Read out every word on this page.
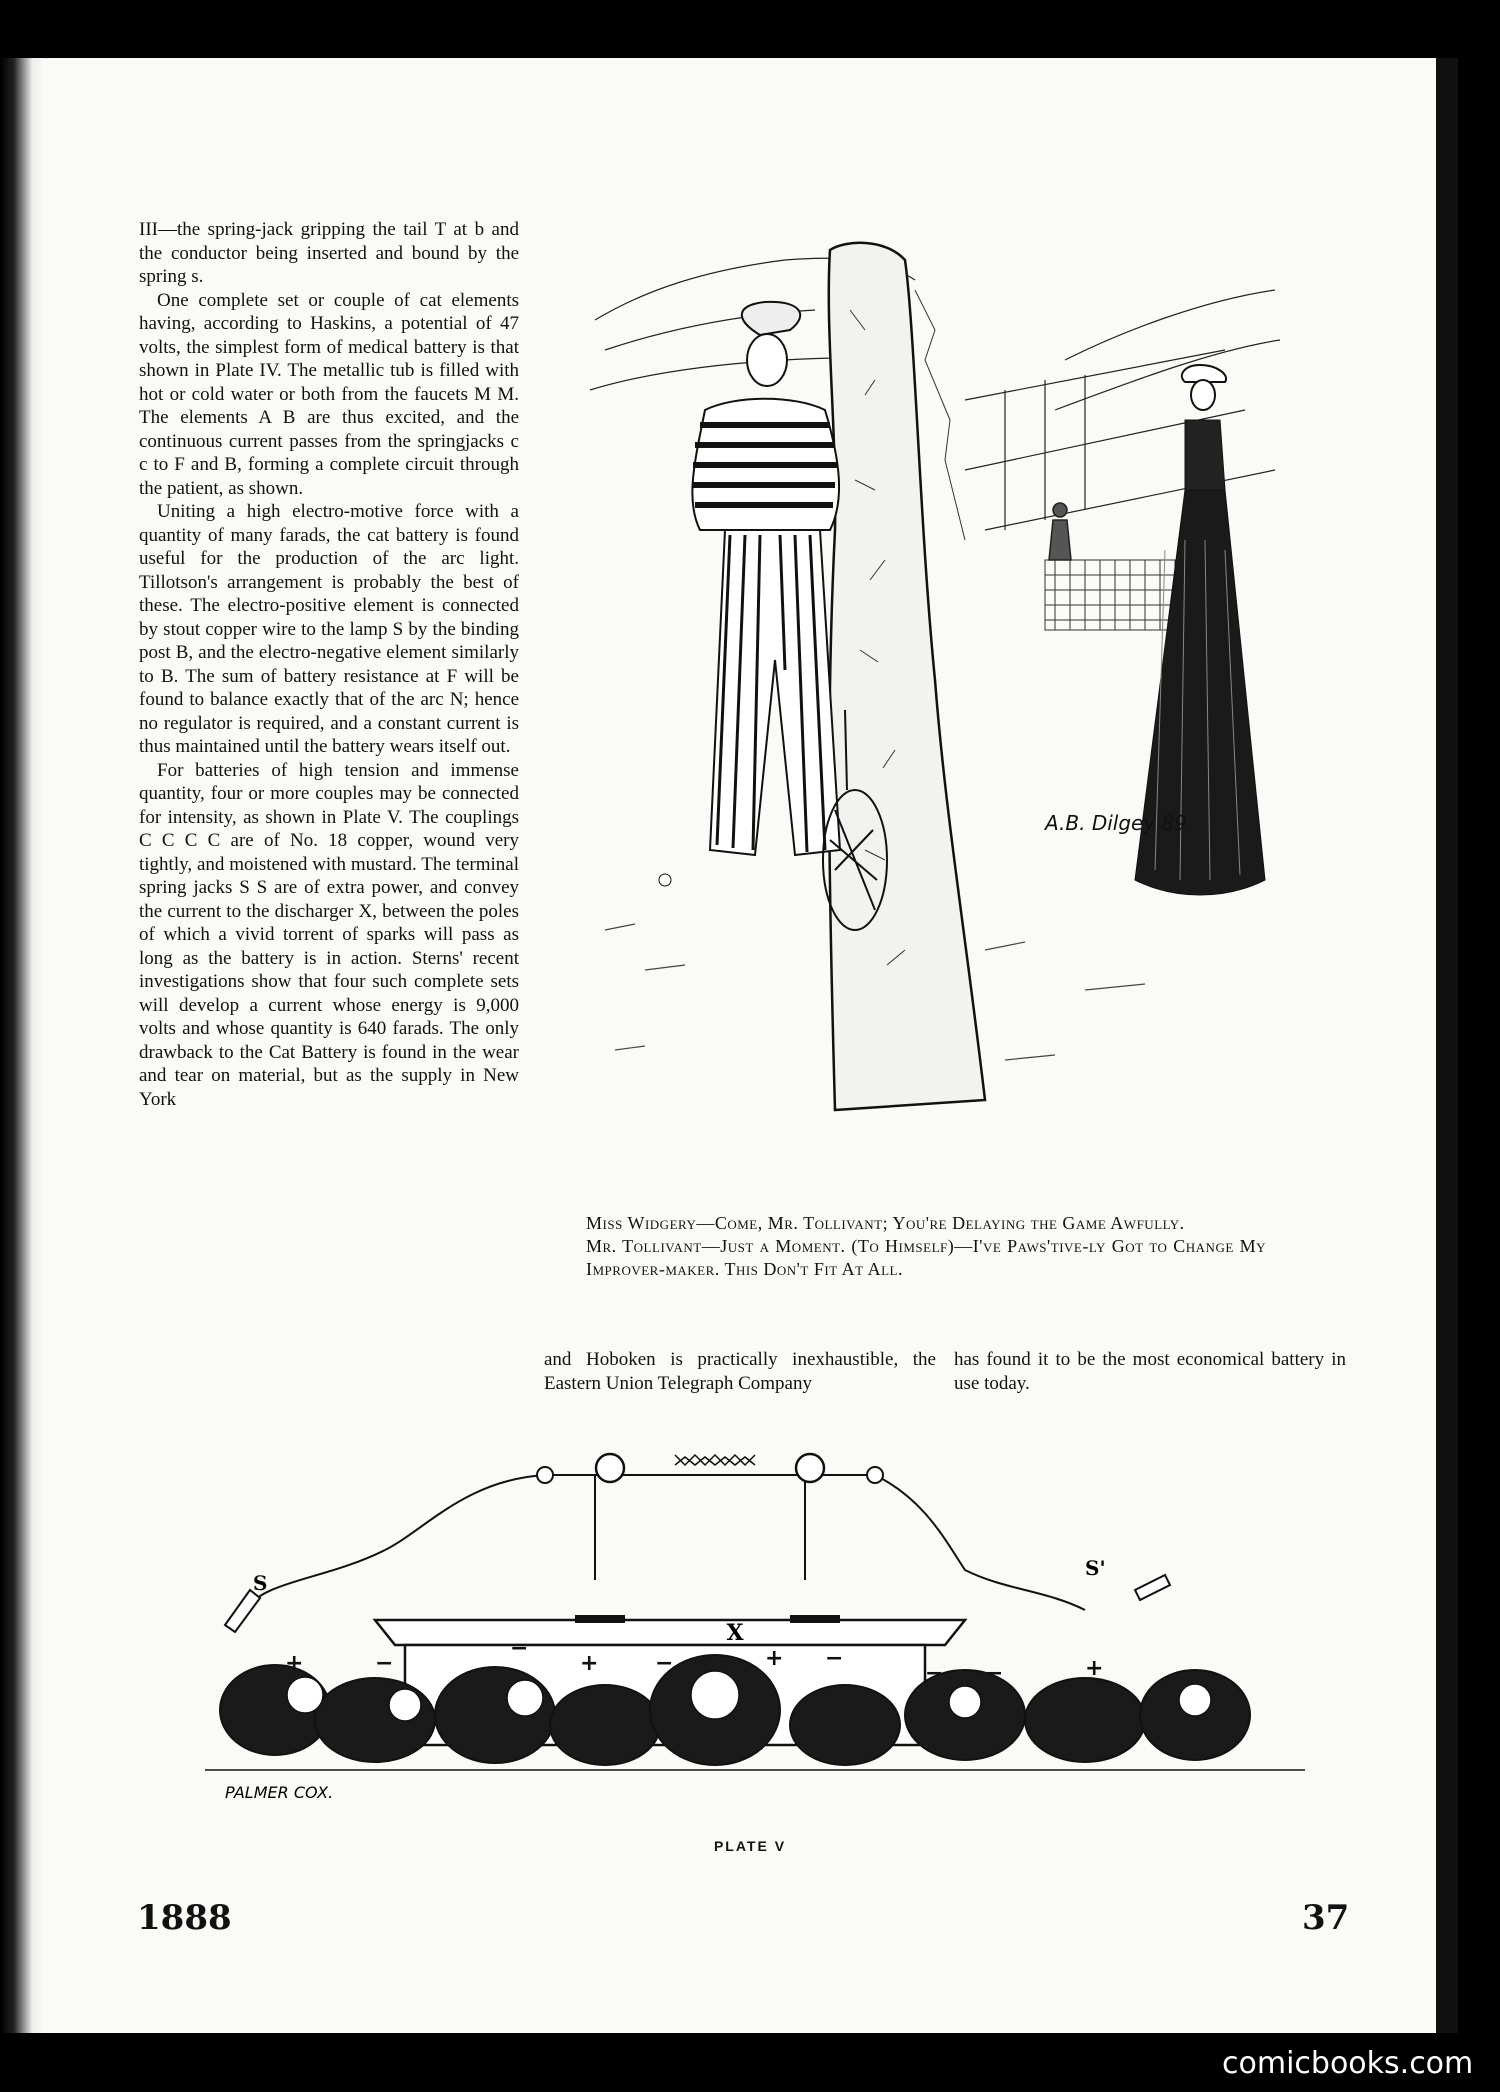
III—the spring-jack gripping the tail T at b and the conductor being inserted and bound by the spring s.

One complete set or couple of cat elements having, according to Haskins, a potential of 47 volts, the simplest form of medical battery is that shown in Plate IV. The metallic tub is filled with hot or cold water or both from the faucets M M. The elements A B are thus excited, and the continuous current passes from the springjacks c c to F and B, forming a complete circuit through the patient, as shown.

Uniting a high electro-motive force with a quantity of many farads, the cat battery is found useful for the production of the arc light. Tillotson's arrangement is probably the best of these. The electro-positive element is connected by stout copper wire to the lamp S by the binding post B, and the electro-negative element similarly to B. The sum of battery resistance at F will be found to balance exactly that of the arc N; hence no regulator is required, and a constant current is thus maintained until the battery wears itself out.

For batteries of high tension and immense quantity, four or more couples may be connected for intensity, as shown in Plate V. The couplings C C C C are of No. 18 copper, wound very tightly, and moistened with mustard. The terminal spring jacks S S are of extra power, and convey the current to the discharger X, between the poles of which a vivid torrent of sparks will pass as long as the battery is in action. Sterns' recent investigations show that four such complete sets will develop a current whose energy is 9,000 volts and whose quantity is 640 farads. The only drawback to the Cat Battery is found in the wear and tear on material, but as the supply in New York

A.B. Dilgey 89

Miss Widgery—Come, Mr. Tollivant; You're Delaying the Game Awfully.

Mr. Tollivant—Just a Moment. (To Himself)—I've Paws'tive-ly Got to Change My Improver-maker. This Don't Fit At All.

and Hoboken is practically inexhaustible, the Eastern Union Telegraph Company

has found it to be the most economical battery in use today.

X
S
S'
+	−
−
+	−	+ −
− −	+
PALMER COX.
PLATE V
1888	37
comicbooks.com
